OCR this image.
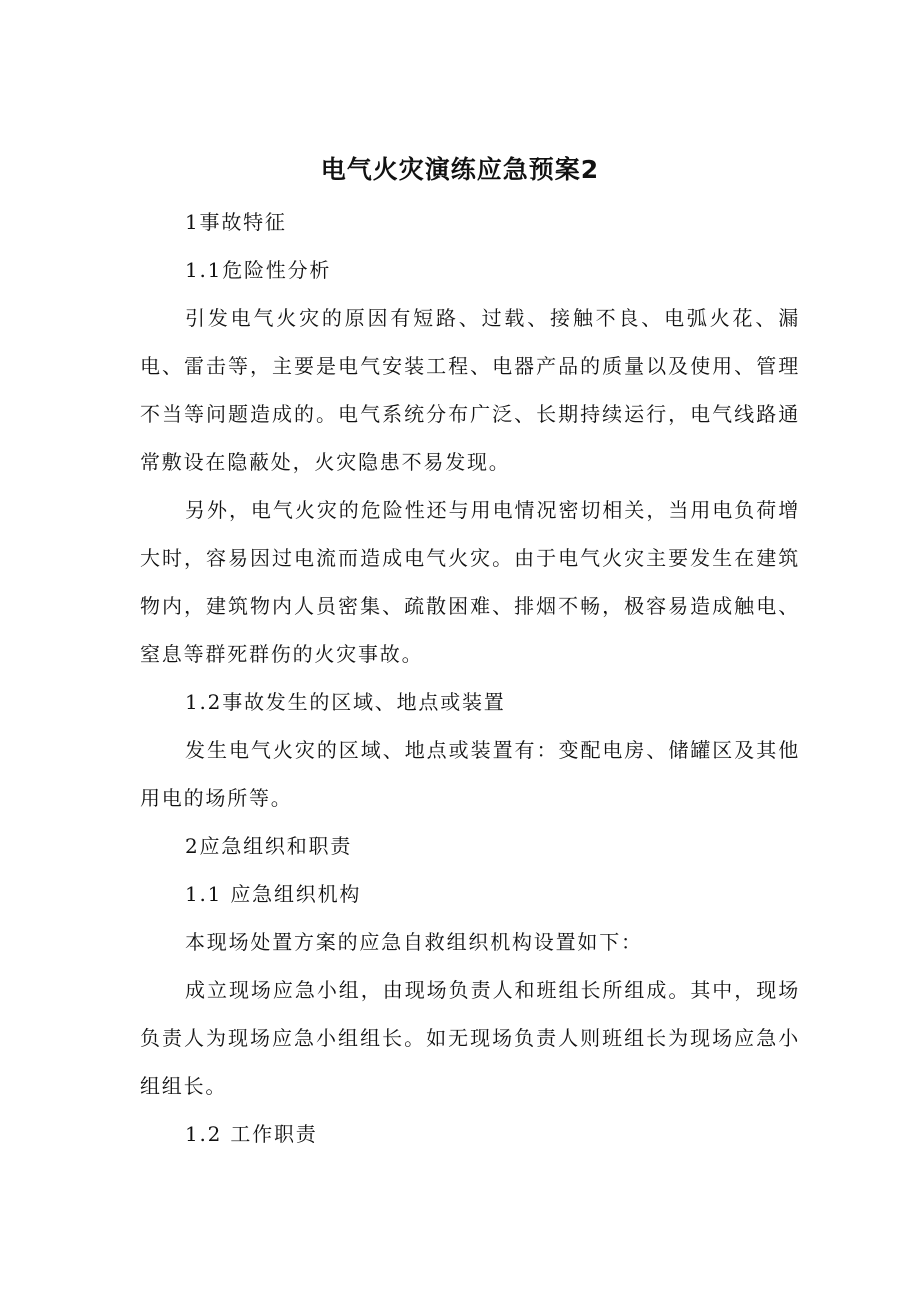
电气火灾演练应急预案2

1事故特征

1.1危险性分析

引发电气火灾的原因有短路、过载、接触不良、电弧火花、漏电、雷击等，主要是电气安装工程、电器产品的质量以及使用、管理不当等问题造成的。电气系统分布广泛、长期持续运行，电气线路通常敷设在隐蔽处，火灾隐患不易发现。

另外，电气火灾的危险性还与用电情况密切相关，当用电负荷增大时，容易因过电流而造成电气火灾。由于电气火灾主要发生在建筑物内，建筑物内人员密集、疏散困难、排烟不畅，极容易造成触电、窒息等群死群伤的火灾事故。

1.2事故发生的区域、地点或装置

发生电气火灾的区域、地点或装置有：变配电房、储罐区及其他用电的场所等。

2应急组织和职责

1.1 应急组织机构

本现场处置方案的应急自救组织机构设置如下：

成立现场应急小组，由现场负责人和班组长所组成。其中，现场负责人为现场应急小组组长。如无现场负责人则班组长为现场应急小组组长。

1.2 工作职责
